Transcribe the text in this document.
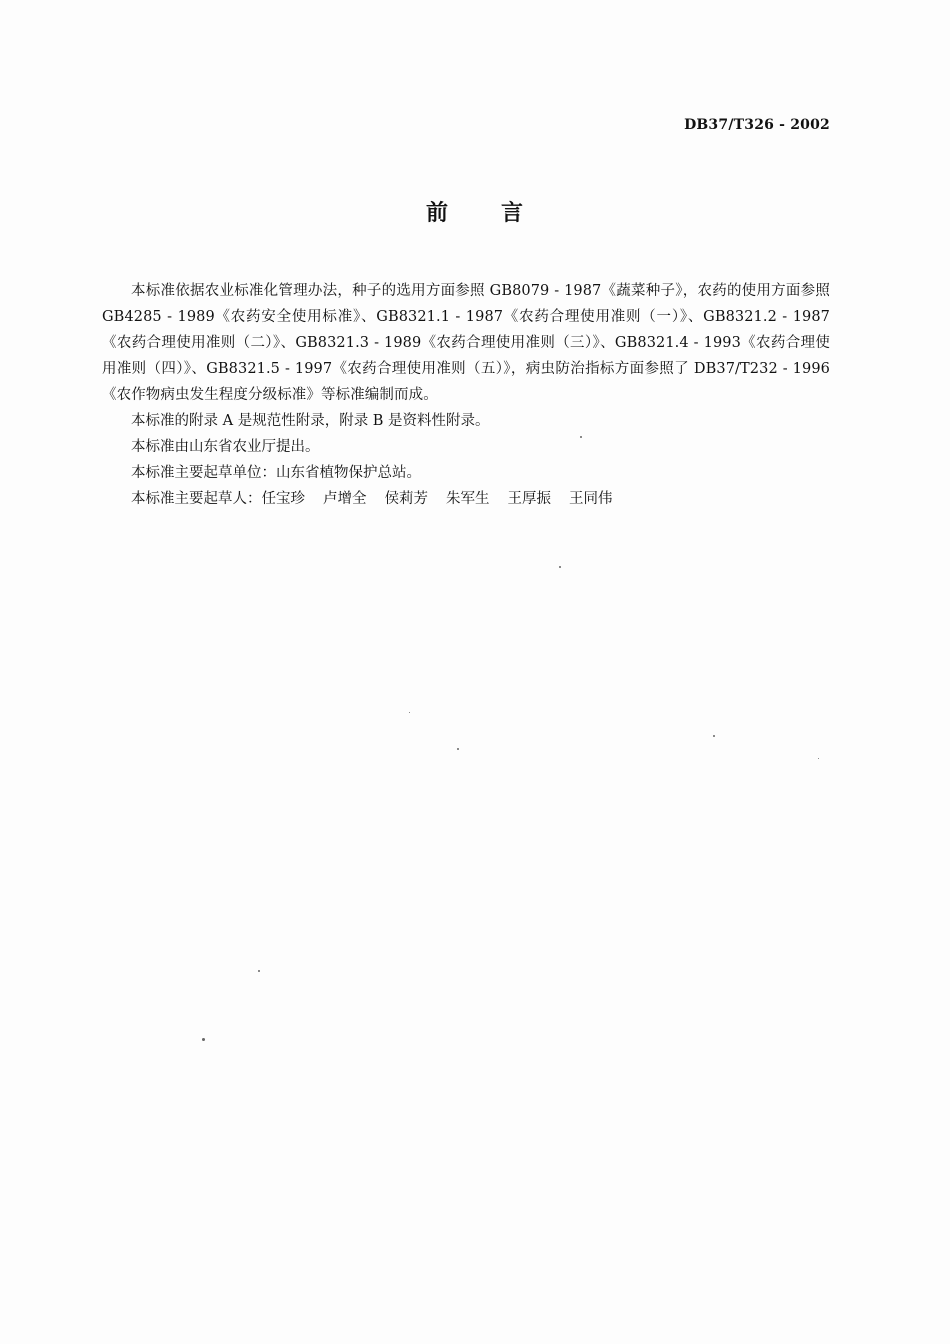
DB37/T326 - 2002
前 言

本标准依据农业标准化管理办法，种子的选用方面参照 GB8079 - 1987《蔬菜种子》，农药的使用方面参照 GB4285 - 1989《农药安全使用标准》、GB8321.1 - 1987《农药合理使用准则（一）》、GB8321.2 - 1987《农药合理使用准则（二）》、GB8321.3 - 1989《农药合理使用准则（三）》、GB8321.4 - 1993《农药合理使用准则（四）》、GB8321.5 - 1997《农药合理使用准则（五）》，病虫防治指标方面参照了 DB37/T232 - 1996《农作物病虫发生程度分级标准》等标准编制而成。

本标准的附录 A 是规范性附录，附录 B 是资料性附录。

本标准由山东省农业厅提出。

本标准主要起草单位：山东省植物保护总站。

本标准主要起草人：任宝珍 卢增全 侯莉芳 朱军生 王厚振 王同伟
